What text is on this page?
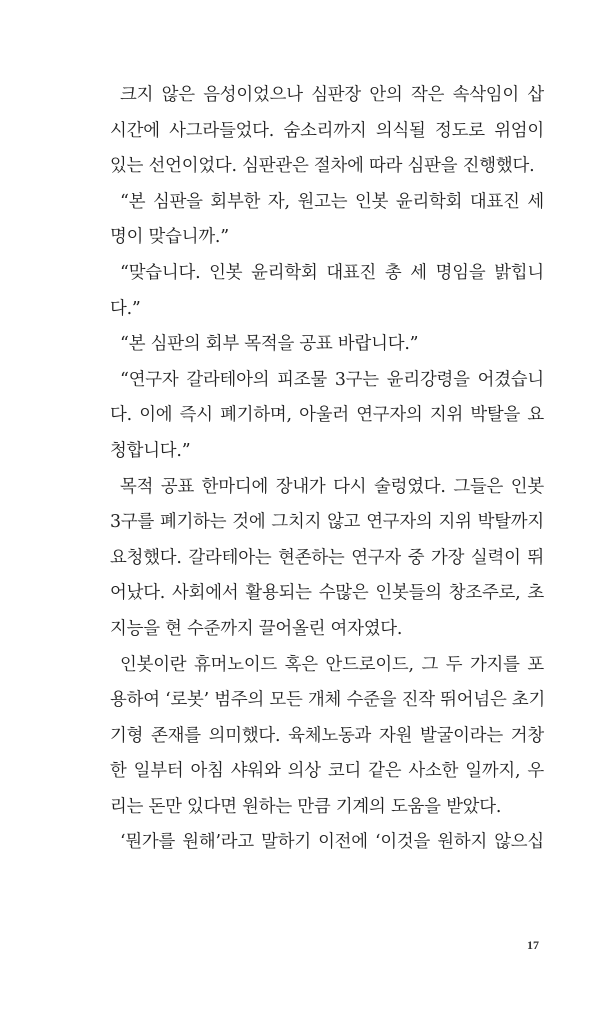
크지 않은 음성이었으나 심판장 안의 작은 속삭임이 삽
시간에 사그라들었다. 숨소리까지 의식될 정도로 위엄이
있는 선언이었다. 심판관은 절차에 따라 심판을 진행했다.
“본 심판을 회부한 자, 원고는 인봇 윤리학회 대표진 세
명이 맞습니까.”
“맞습니다. 인봇 윤리학회 대표진 총 세 명임을 밝힙니
다.”
“본 심판의 회부 목적을 공표 바랍니다.”
“연구자 갈라테아의 피조물 3구는 윤리강령을 어겼습니
다. 이에 즉시 폐기하며, 아울러 연구자의 지위 박탈을 요
청합니다.”
목적 공표 한마디에 장내가 다시 술렁였다. 그들은 인봇
3구를 폐기하는 것에 그치지 않고 연구자의 지위 박탈까지
요청했다. 갈라테아는 현존하는 연구자 중 가장 실력이 뛰
어났다. 사회에서 활용되는 수많은 인봇들의 창조주로, 초
지능을 현 수준까지 끌어올린 여자였다.
인봇이란 휴머노이드 혹은 안드로이드, 그 두 가지를 포
용하여 ‘로봇’ 범주의 모든 개체 수준을 진작 뛰어넘은 초기
기형 존재를 의미했다. 육체노동과 자원 발굴이라는 거창
한 일부터 아침 샤워와 의상 코디 같은 사소한 일까지, 우
리는 돈만 있다면 원하는 만큼 기계의 도움을 받았다.
‘뭔가를 원해’라고 말하기 이전에 ‘이것을 원하지 않으십
17
